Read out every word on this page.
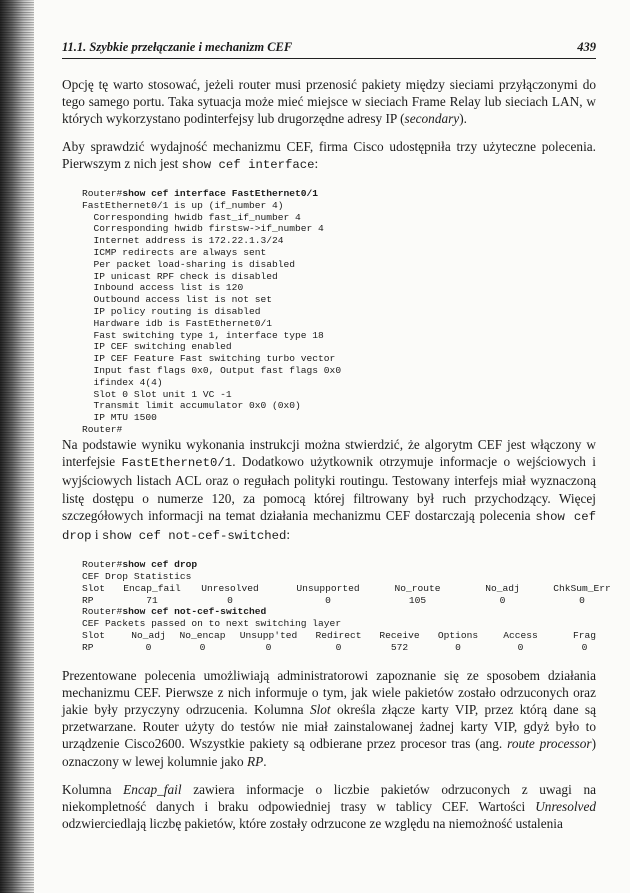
11.1. Szybkie przełączanie i mechanizm CEF	439

Opcję tę warto stosować, jeżeli router musi przenosić pakiety między sieciami przyłączonymi do tego samego portu. Taka sytuacja może mieć miejsce w sieciach Frame Relay lub sieciach LAN, w których wykorzystano podinterfejsy lub drugorzędne adresy IP (secondary).

Aby sprawdzić wydajność mechanizmu CEF, firma Cisco udostępniła trzy użyteczne polecenia. Pierwszym z nich jest show cef interface:

Router#show cef interface FastEthernet0/1
FastEthernet0/1 is up (if_number 4)
Corresponding hwidb fast_if_number 4
Corresponding hwidb firstsw->if_number 4
Internet address is 172.22.1.3/24
ICMP redirects are always sent
Per packet load-sharing is disabled
IP unicast RPF check is disabled
Inbound access list is 120
Outbound access list is not set
IP policy routing is disabled
Hardware idb is FastEthernet0/1
Fast switching type 1, interface type 18
IP CEF switching enabled
IP CEF Feature Fast switching turbo vector
Input fast flags 0x0, Output fast flags 0x0
ifindex 4(4)
Slot 0 Slot unit 1 VC -1
Transmit limit accumulator 0x0 (0x0)
IP MTU 1500
Router#

Na podstawie wyniku wykonania instrukcji można stwierdzić, że algorytm CEF jest włączony w interfejsie FastEthernet0/1. Dodatkowo użytkownik otrzymuje informacje o wejściowych i wyjściowych listach ACL oraz o regułach polityki routingu. Testowany interfejs miał wyznaczoną listę dostępu o numerze 120, za pomocą której filtrowany był ruch przychodzący. Więcej szczegółowych informacji na temat działania mechanizmu CEF dostarczają polecenia show cef drop i show cef not-cef-switched:

Router#show cef drop
CEF Drop Statistics
Slot	Encap_fail	Unresolved	Unsupported	No_route	No_adj	ChkSum_Err
RP	71	0	0	105	0	0
Router#show cef not-cef-switched
CEF Packets passed on to next switching layer
Slot	No_adj	No_encap	Unsupp'ted	Redirect	Receive	Options	Access	Frag
RP	0	0	0	0	572	0	0	0

Prezentowane polecenia umożliwiają administratorowi zapoznanie się ze sposobem działania mechanizmu CEF. Pierwsze z nich informuje o tym, jak wiele pakietów zostało odrzuconych oraz jakie były przyczyny odrzucenia. Kolumna Slot określa złącze karty VIP, przez którą dane są przetwarzane. Router użyty do testów nie miał zainstalowanej żadnej karty VIP, gdyż było to urządzenie Cisco2600. Wszystkie pakiety są odbierane przez procesor tras (ang. route processor) oznaczony w lewej kolumnie jako RP.

Kolumna Encap_fail zawiera informacje o liczbie pakietów odrzuconych z uwagi na niekompletność danych i braku odpowiedniej trasy w tablicy CEF. Wartości Unresolved odzwierciedlają liczbę pakietów, które zostały odrzucone ze względu na niemożność ustalenia
